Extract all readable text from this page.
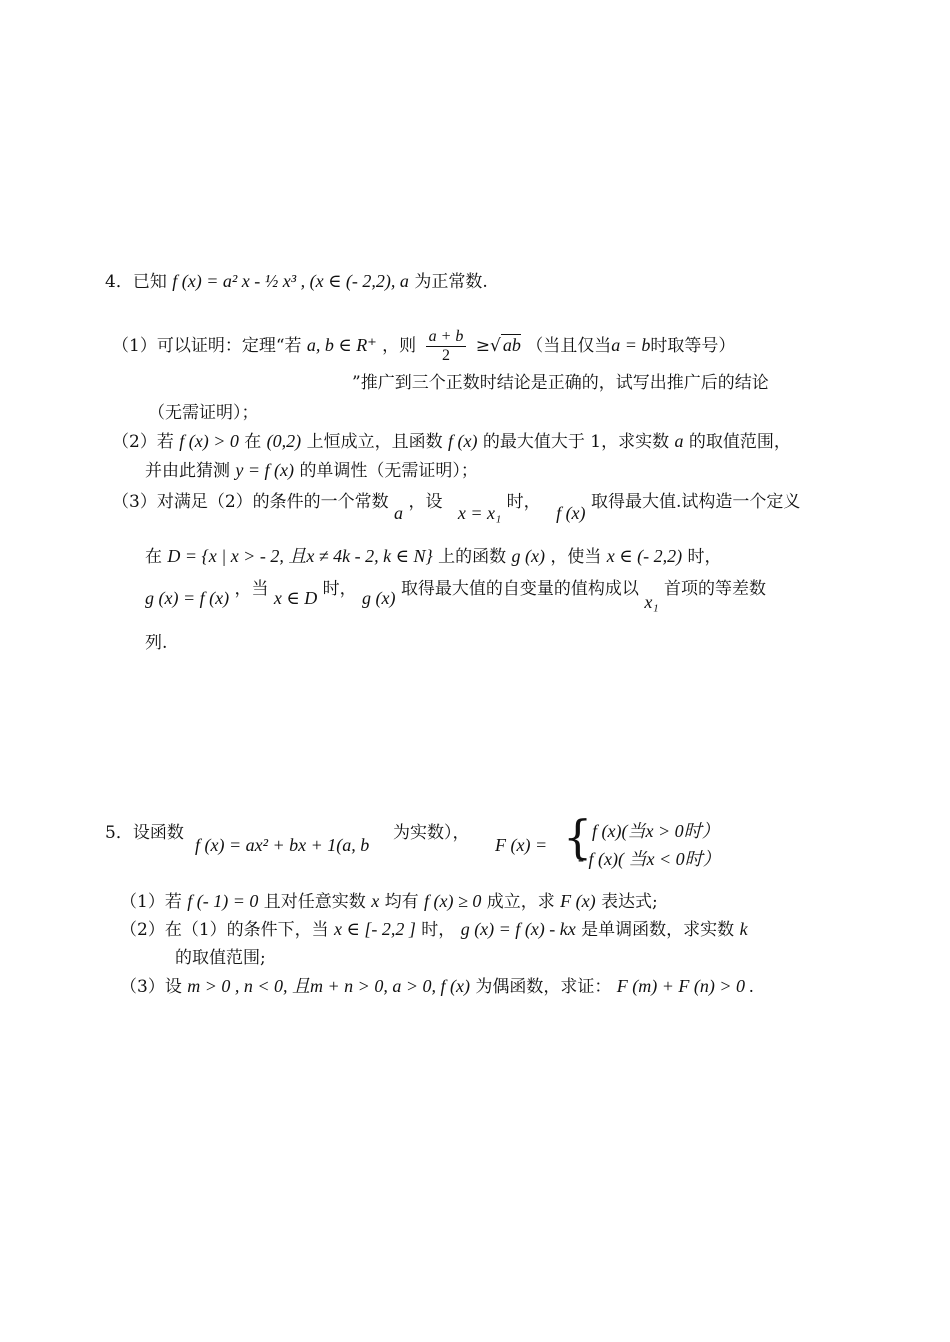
4．已知 f (x) = a² x - ½ x³ , (x ∈ (- 2,2), a 为正常数.
（1）可以证明：定理“若 a, b ∈ R⁺ ，则 $\frac{a + b}{2}$ ≥√ ab （当且仅当a = b时取等号）
”推广到三个正数时结论是正确的，试写出推广后的结论
（无需证明）；
（2）若 f (x) > 0 在 (0,2) 上恒成立，且函数 f (x) 的最大值大于 1，求实数 a 的取值范围，
并由此猜测 y = f (x) 的单调性（无需证明）；
（3）对满足（2）的条件的一个常数 a ，设 x = x₁ 时， f (x) 取得最大值.试构造一个定义
在 D = {x | x > - 2, 且x ≠ 4k - 2, k ∈ N} 上的函数 g (x) ，使当 x ∈ (- 2,2) 时，
g (x) = f (x) ，当 x ∈ D 时， g (x) 取得最大值的自变量的值构成以 x₁ 首项的等差数
列.
5．设函数
f (x) = ax² + bx + 1(a, b
为实数），
F (x) = { f (x)(当x > 0时）
- f (x)( 当x < 0时）
（1）若 f (- 1) = 0 且对任意实数 x 均有 f (x) ≥ 0 成立，求 F (x) 表达式;
（2）在（1）的条件下，当 x ∈ [- 2,2 ] 时， g (x) = f (x) - kx 是单调函数，求实数 k
的取值范围;
（3）设 m > 0 , n < 0, 且m + n > 0, a > 0, f (x) 为偶函数，求证： F (m) + F (n) > 0 .
